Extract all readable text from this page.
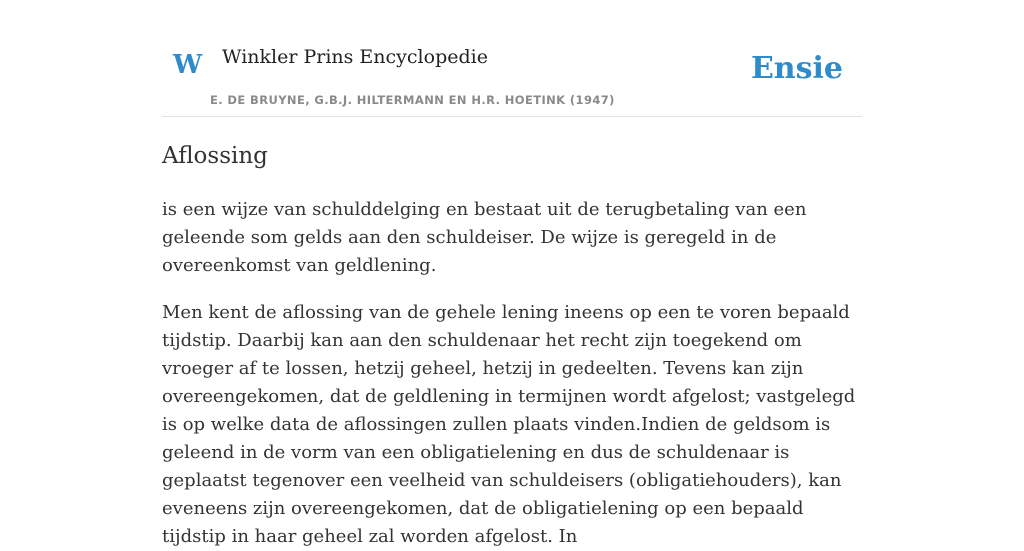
W Winkler Prins Encyclopedie
E. DE BRUYNE, G.B.J. HILTERMANN EN H.R. HOETINK (1947)
Ensie
Aflossing

is een wijze van schulddelging en bestaat uit de terugbetaling van een geleende som gelds aan den schuldeiser. De wijze is geregeld in de overeenkomst van geldlening.

Men kent de aflossing van de gehele lening ineens op een te voren bepaald tijdstip. Daarbij kan aan den schuldenaar het recht zijn toegekend om vroeger af te lossen, hetzij geheel, hetzij in gedeelten. Tevens kan zijn overeengekomen, dat de geldlening in termijnen wordt afgelost; vastgelegd is op welke data de aflossingen zullen plaats vinden.Indien de geldsom is geleend in de vorm van een obligatielening en dus de schuldenaar is geplaatst tegenover een veelheid van schuldeisers (obligatiehouders), kan eveneens zijn overeengekomen, dat de obligatielening op een bepaald tijdstip in haar geheel zal worden afgelost. In
